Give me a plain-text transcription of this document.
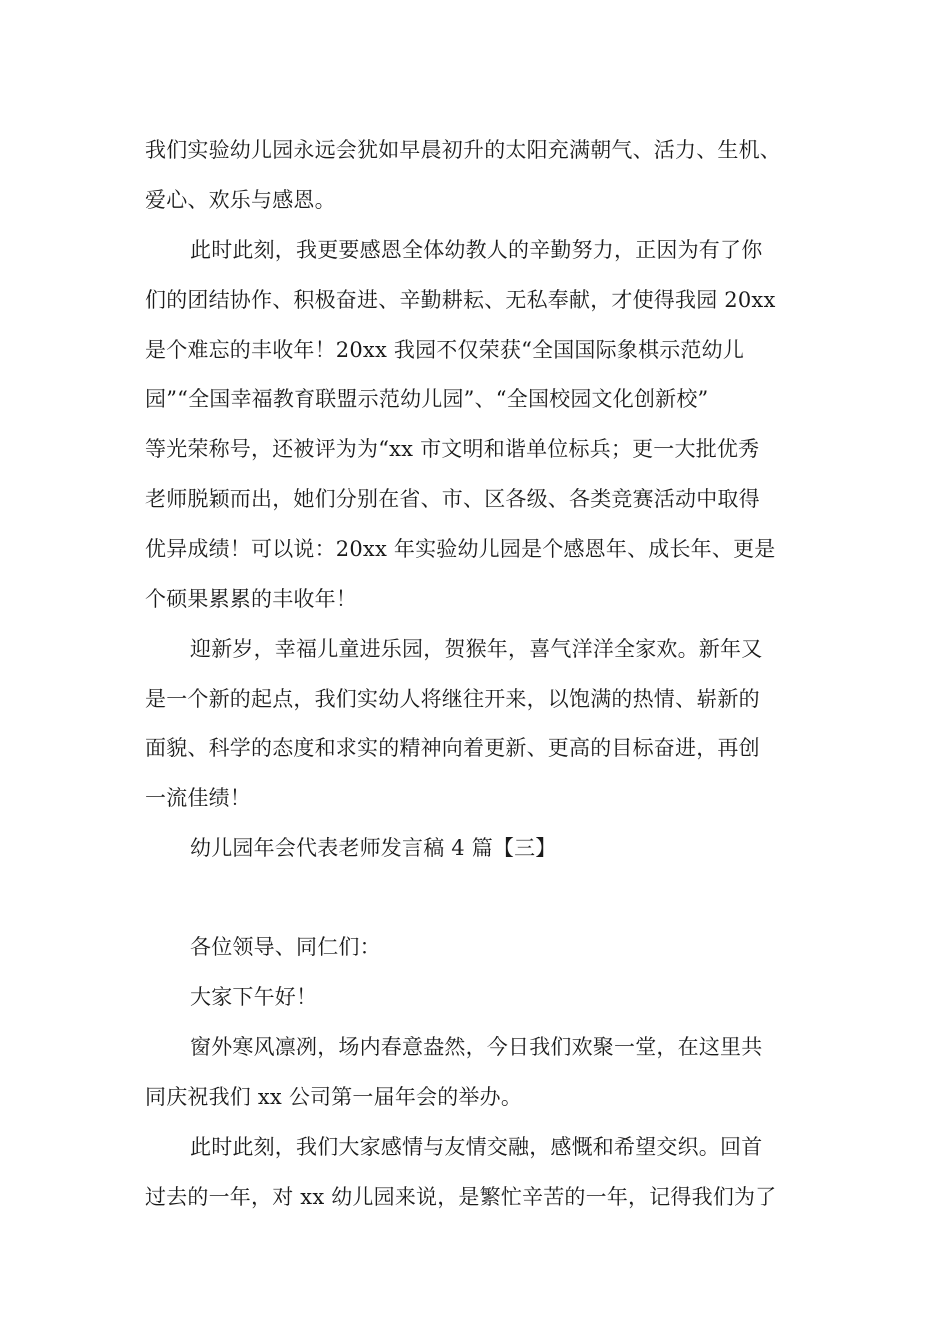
我们实验幼儿园永远会犹如早晨初升的太阳充满朝气、活力、生机、
爱心、欢乐与感恩。
此时此刻，我更要感恩全体幼教人的辛勤努力，正因为有了你
们的团结协作、积极奋进、辛勤耕耘、无私奉献，才使得我园 20xx
是个难忘的丰收年！20xx 我园不仅荣获“全国国际象棋示范幼儿
园”“全国幸福教育联盟示范幼儿园”、“全国校园文化创新校”
等光荣称号，还被评为为“xx 市文明和谐单位标兵；更一大批优秀
老师脱颖而出，她们分别在省、市、区各级、各类竞赛活动中取得
优异成绩！可以说：20xx 年实验幼儿园是个感恩年、成长年、更是
个硕果累累的丰收年！
迎新岁，幸福儿童进乐园，贺猴年，喜气洋洋全家欢。新年又
是一个新的起点，我们实幼人将继往开来，以饱满的热情、崭新的
面貌、科学的态度和求实的精神向着更新、更高的目标奋进，再创
一流佳绩！
幼儿园年会代表老师发言稿 4 篇【三】
各位领导、同仁们：
大家下午好！
窗外寒风凛冽，场内春意盎然，今日我们欢聚一堂，在这里共
同庆祝我们 xx 公司第一届年会的举办。
此时此刻，我们大家感情与友情交融，感慨和希望交织。回首
过去的一年，对 xx 幼儿园来说，是繁忙辛苦的一年，记得我们为了
